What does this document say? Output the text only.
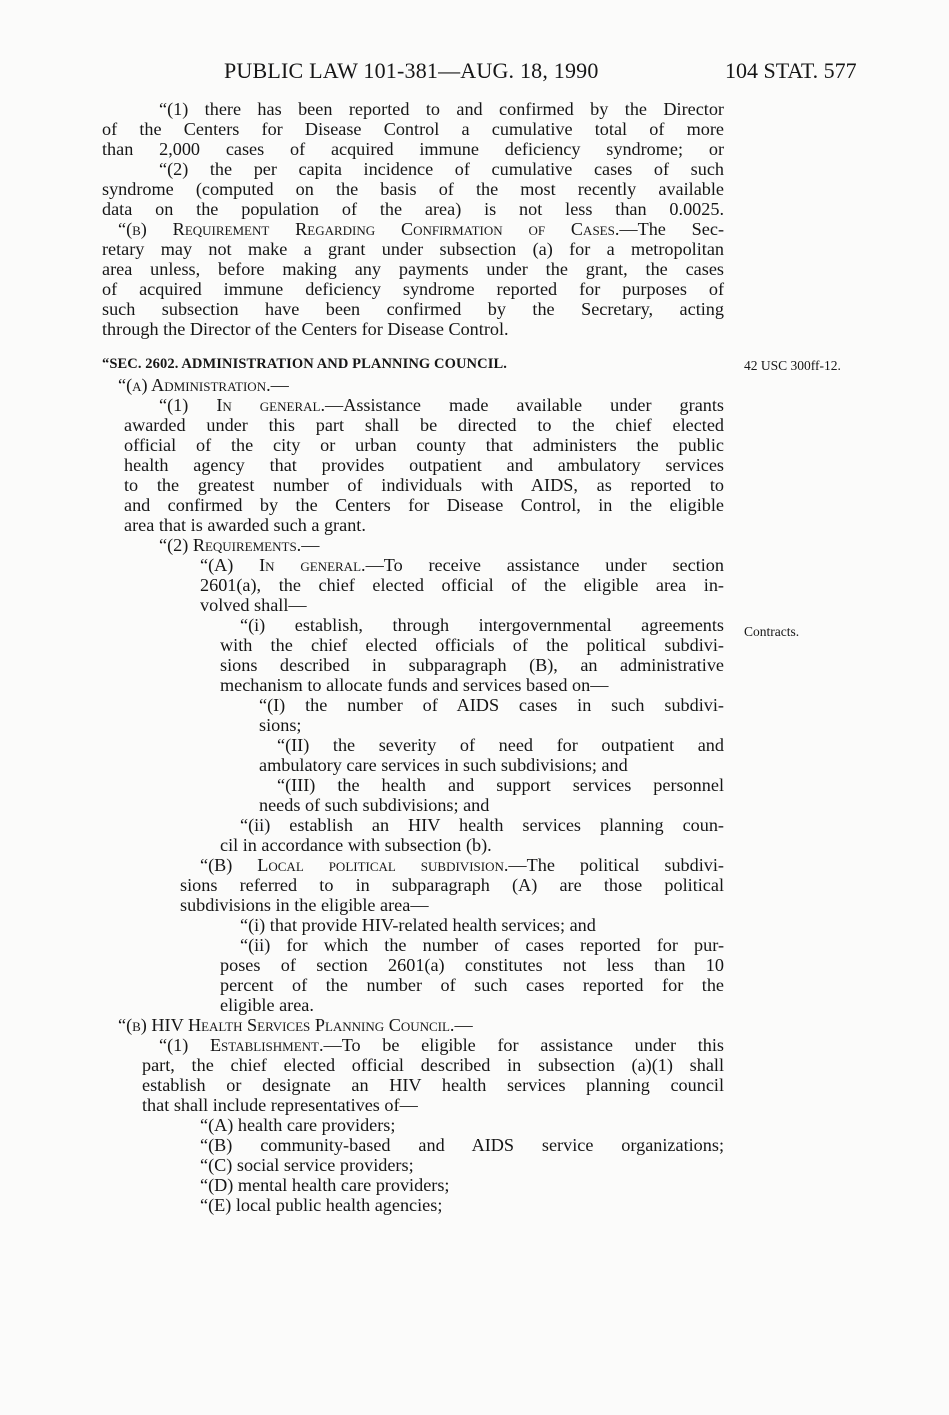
PUBLIC LAW 101-381—AUG. 18, 1990	104 STAT. 577
42 USC 300ff-12.
Contracts.
“(1) there has been reported to and confirmed by the Director
of the Centers for Disease Control a cumulative total of more
than 2,000 cases of acquired immune deficiency syndrome; or
“(2) the per capita incidence of cumulative cases of such
syndrome (computed on the basis of the most recently available
data on the population of the area) is not less than 0.0025.
“(b) Requirement Regarding Confirmation of Cases.—The Sec-
retary may not make a grant under subsection (a) for a metropolitan
area unless, before making any payments under the grant, the cases
of acquired immune deficiency syndrome reported for purposes of
such subsection have been confirmed by the Secretary, acting
through the Director of the Centers for Disease Control.
“SEC. 2602. ADMINISTRATION AND PLANNING COUNCIL.
“(a) Administration.—
“(1) In general.—Assistance made available under grants
awarded under this part shall be directed to the chief elected
official of the city or urban county that administers the public
health agency that provides outpatient and ambulatory services
to the greatest number of individuals with AIDS, as reported to
and confirmed by the Centers for Disease Control, in the eligible
area that is awarded such a grant.
“(2) Requirements.—
“(A) In general.—To receive assistance under section
2601(a), the chief elected official of the eligible area in-
volved shall—
“(i) establish, through intergovernmental agreements
with the chief elected officials of the political subdivi-
sions described in subparagraph (B), an administrative
mechanism to allocate funds and services based on—
“(I) the number of AIDS cases in such subdivi-
sions;
“(II) the severity of need for outpatient and
ambulatory care services in such subdivisions; and
“(III) the health and support services personnel
needs of such subdivisions; and
“(ii) establish an HIV health services planning coun-
cil in accordance with subsection (b).
“(B) Local political subdivision.—The political subdivi-
sions referred to in subparagraph (A) are those political
subdivisions in the eligible area—
“(i) that provide HIV-related health services; and
“(ii) for which the number of cases reported for pur-
poses of section 2601(a) constitutes not less than 10
percent of the number of such cases reported for the
eligible area.
“(b) HIV Health Services Planning Council.—
“(1) Establishment.—To be eligible for assistance under this
part, the chief elected official described in subsection (a)(1) shall
establish or designate an HIV health services planning council
that shall include representatives of—
“(A) health care providers;
“(B) community-based and AIDS service organizations;
“(C) social service providers;
“(D) mental health care providers;
“(E) local public health agencies;
